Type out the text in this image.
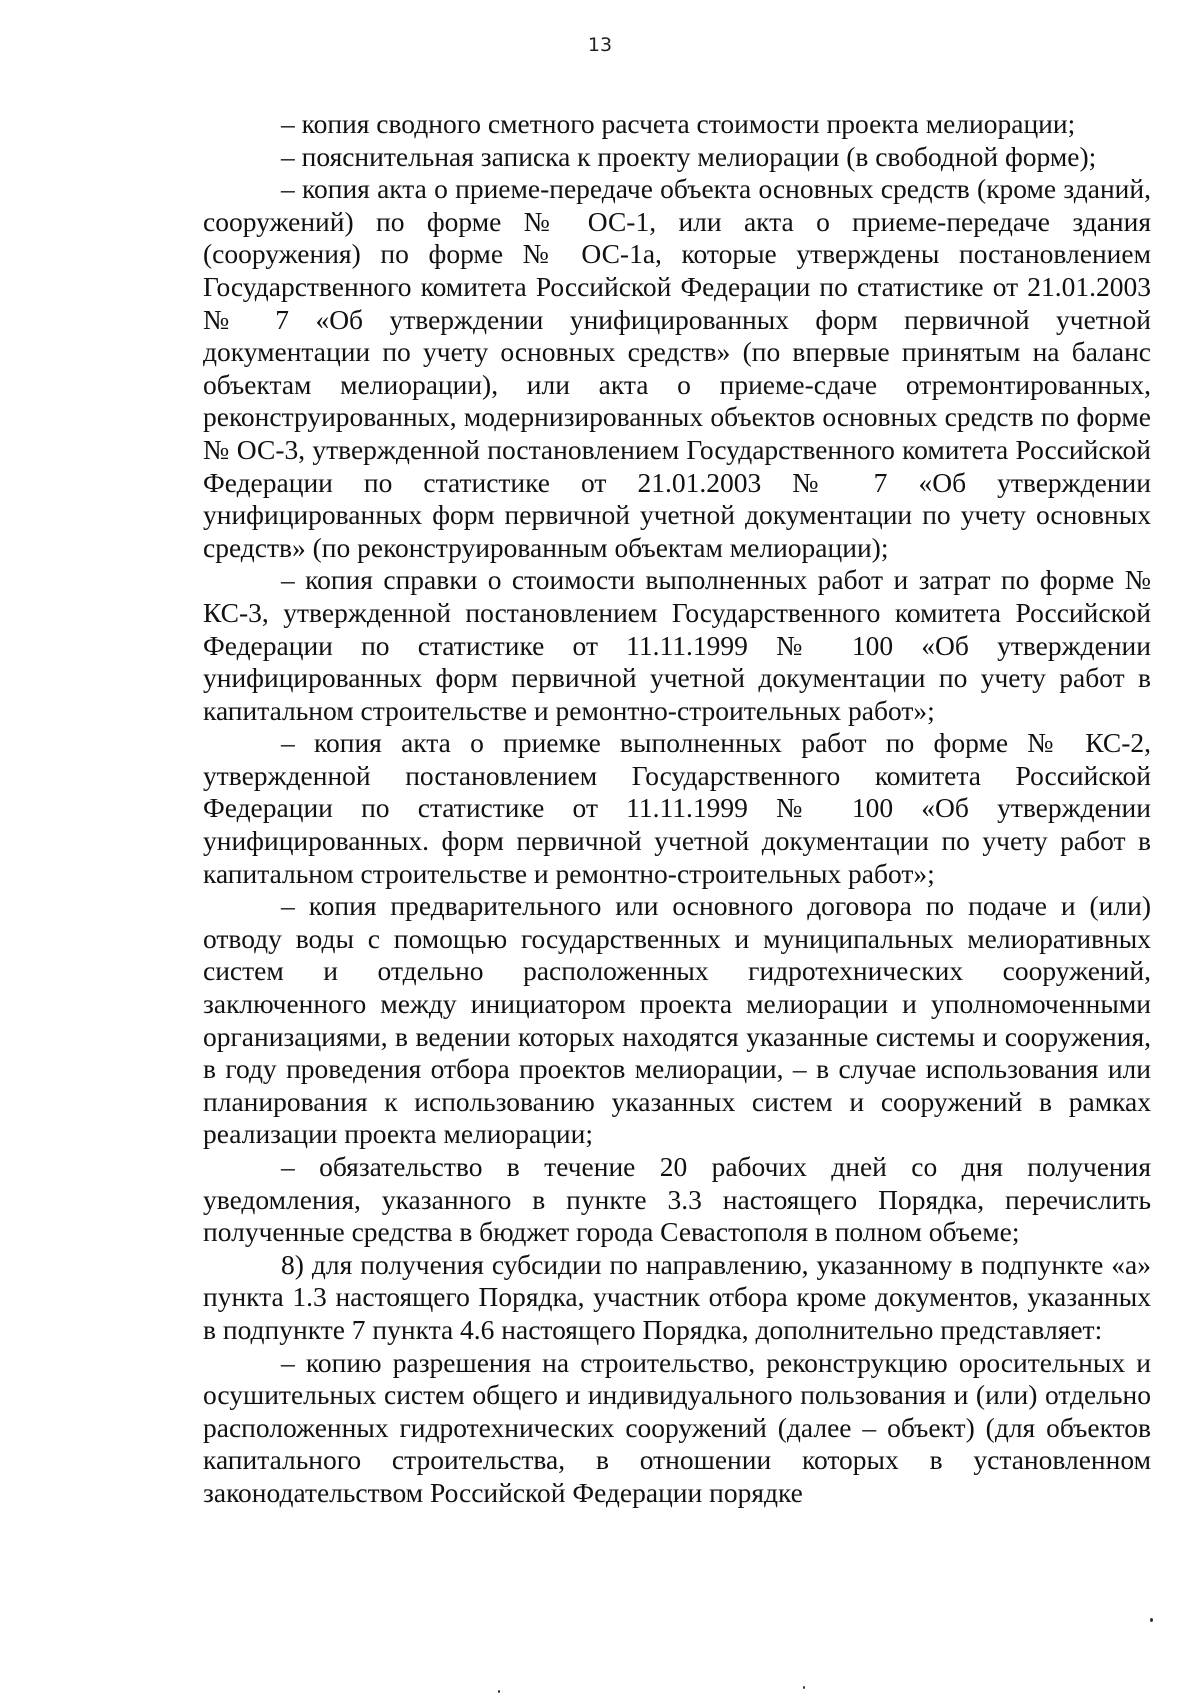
13

– копия сводного сметного расчета стоимости проекта мелиорации;

– пояснительная записка к проекту мелиорации (в свободной форме);

– копия акта о приеме-передаче объекта основных средств (кроме зданий, сооружений) по форме № ОС-1, или акта о приеме-передаче здания (сооружения) по форме № ОС-1а, которые утверждены постановлением Государственного комитета Российской Федерации по статистике от 21.01.2003 № 7 «Об утверждении унифицированных форм первичной учетной документации по учету основных средств» (по впервые принятым на баланс объектам мелиорации), или акта о приеме-сдаче отремонтированных, реконструированных, модернизированных объектов основных средств по форме № ОС-3, утвержденной постановлением Государственного комитета Российской Федерации по статистике от 21.01.2003 № 7 «Об утверждении унифицированных форм первичной учетной документации по учету основных средств» (по реконструированным объектам мелиорации);

– копия справки о стоимости выполненных работ и затрат по форме № КС-3, утвержденной постановлением Государственного комитета Российской Федерации по статистике от 11.11.1999 № 100 «Об утверждении унифицированных форм первичной учетной документации по учету работ в капитальном строительстве и ремонтно-строительных работ»;

– копия акта о приемке выполненных работ по форме № КС-2, утвержденной постановлением Государственного комитета Российской Федерации по статистике от 11.11.1999 № 100 «Об утверждении унифицированных. форм первичной учетной документации по учету работ в капитальном строительстве и ремонтно-строительных работ»;

– копия предварительного или основного договора по подаче и (или) отводу воды с помощью государственных и муниципальных мелиоративных систем и отдельно расположенных гидротехнических сооружений, заключенного между инициатором проекта мелиорации и уполномоченными организациями, в ведении которых находятся указанные системы и сооружения, в году проведения отбора проектов мелиорации, – в случае использования или планирования к использованию указанных систем и сооружений в рамках реализации проекта мелиорации;

– обязательство в течение 20 рабочих дней со дня получения уведомления, указанного в пункте 3.3 настоящего Порядка, перечислить полученные средства в бюджет города Севастополя в полном объеме;

8) для получения субсидии по направлению, указанному в подпункте «а» пункта 1.3 настоящего Порядка, участник отбора кроме документов, указанных в подпункте 7 пункта 4.6 настоящего Порядка, дополнительно представляет:

– копию разрешения на строительство, реконструкцию оросительных и осушительных систем общего и индивидуального пользования и (или) отдельно расположенных гидротехнических сооружений (далее – объект) (для объектов капитального строительства, в отношении которых в установленном законодательством Российской Федерации порядке
